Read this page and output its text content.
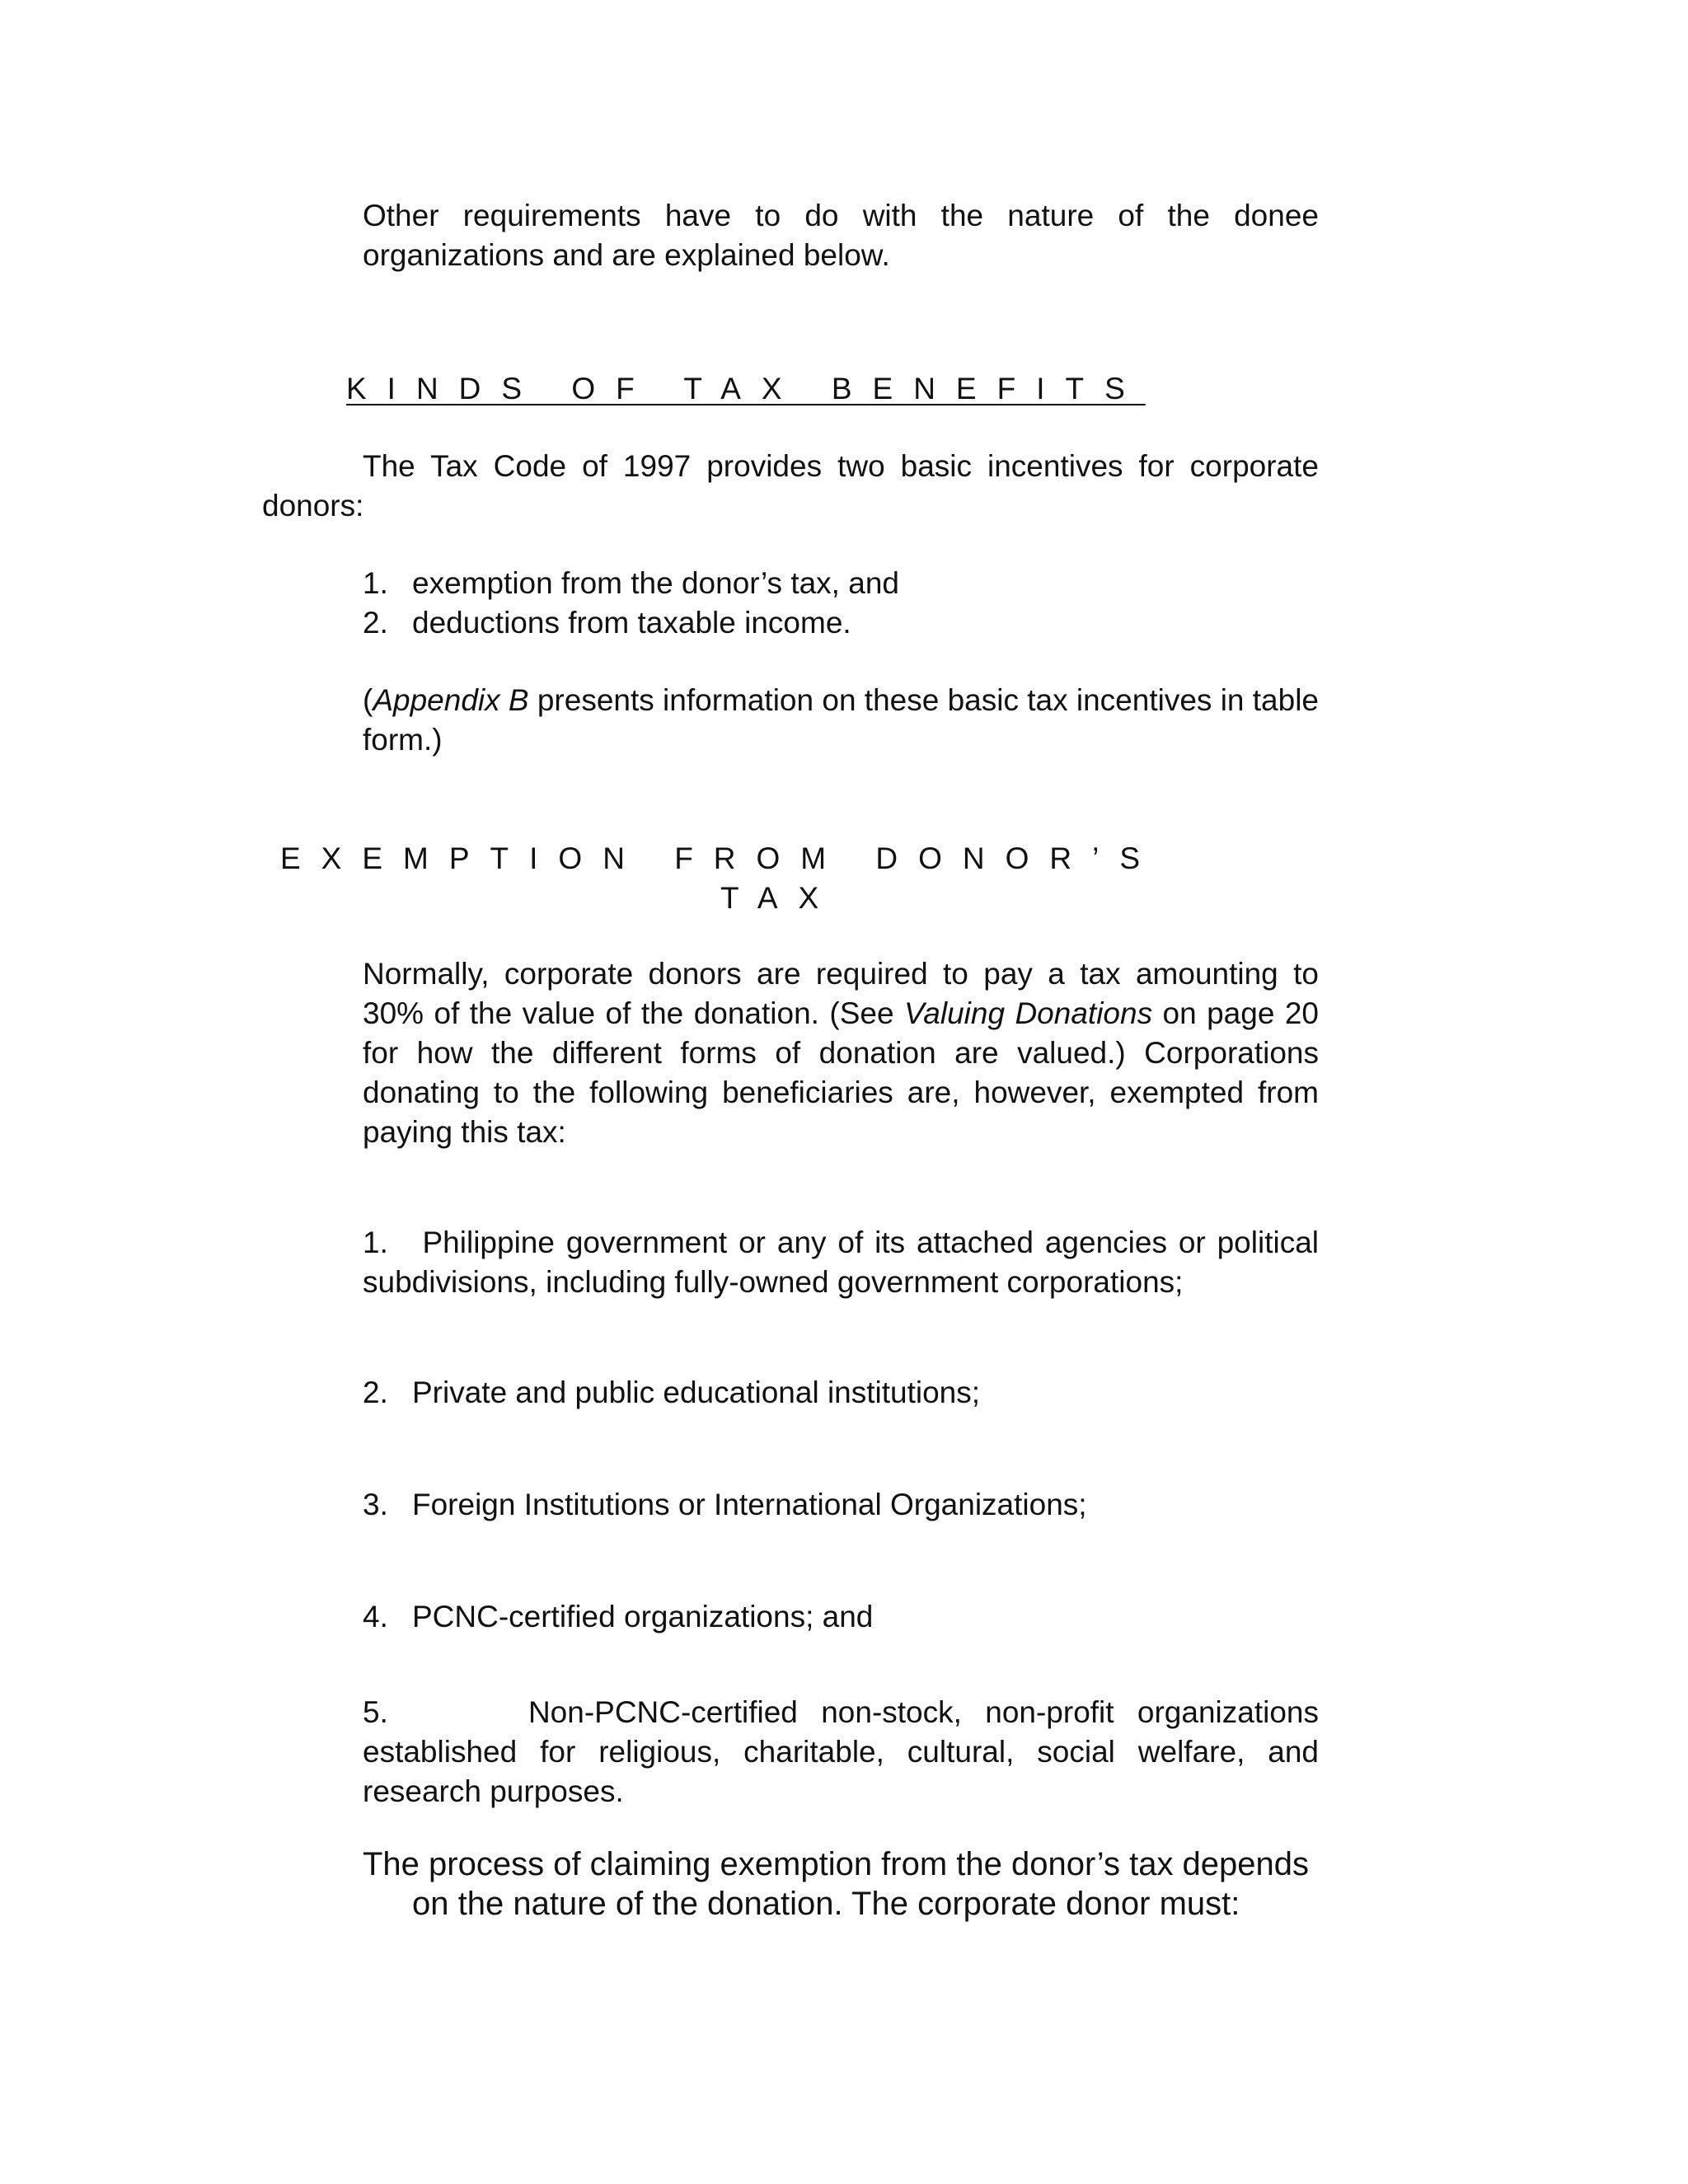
Other requirements have to do with the nature of the donee organizations and are explained below.

KINDS OF TAX BENEFITS

The Tax Code of 1997 provides two basic incentives for corporate

donors:

1. exemption from the donor’s tax, and
2. deductions from taxable income.

(Appendix B presents information on these basic tax incentives in table form.)

EXEMPTION FROM DONOR’S

TAX

Normally, corporate donors are required to pay a tax amounting to 30% of the value of the donation. (See Valuing Donations on page 20 for how the different forms of donation are valued.) Corporations donating to the following beneficiaries are, however, exempted from paying this tax:

1. Philippine government or any of its attached agencies or political subdivisions, including fully-owned government corporations;

2. Private and public educational institutions;
3. Foreign Institutions or International Organizations;
4. PCNC-certified organizations; and

5.	Non-PCNC-certified non-stock, non-profit organizations established for religious, charitable, cultural, social welfare, and research purposes.

The process of claiming exemption from the donor’s tax depends

on the nature of the donation. The corporate donor must:
